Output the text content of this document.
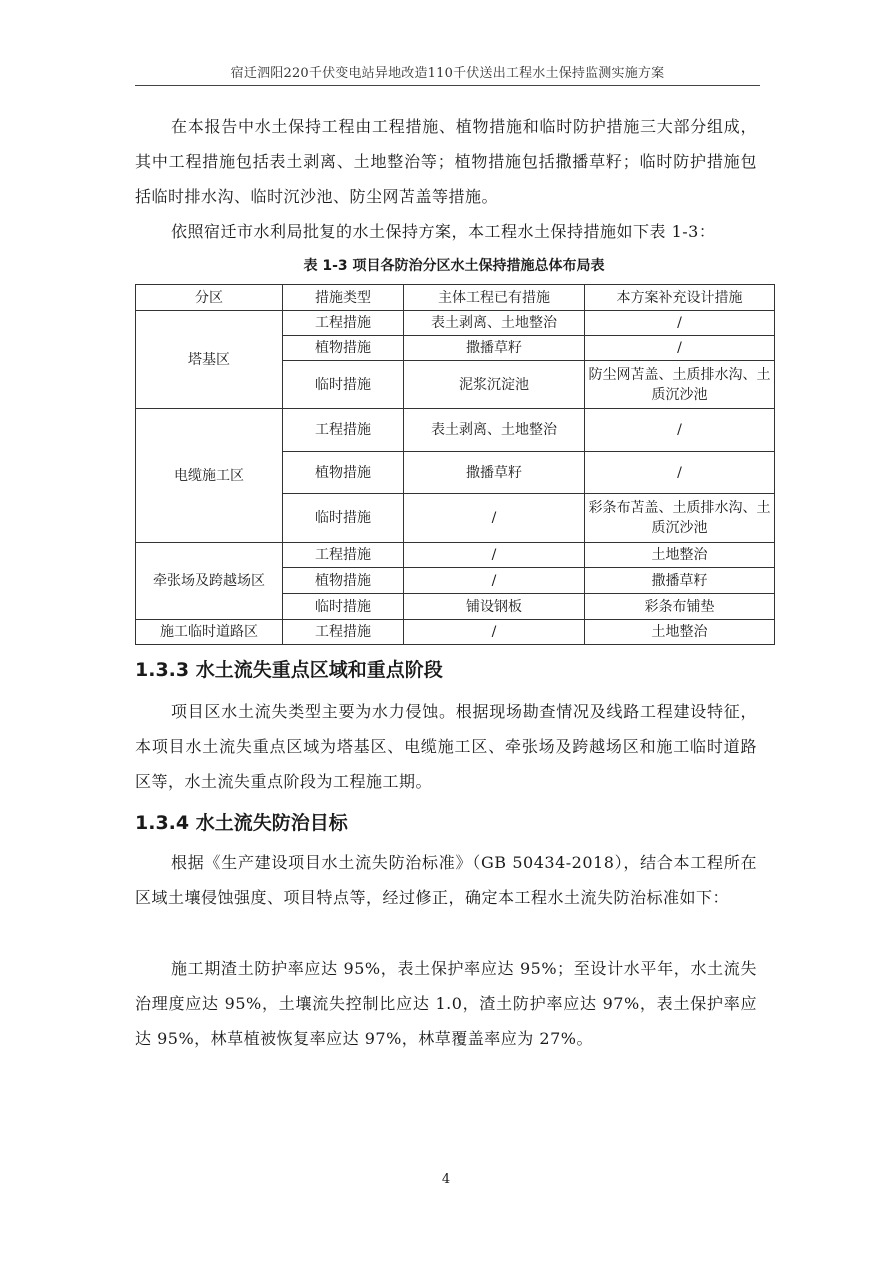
宿迁泗阳220千伏变电站异地改造110千伏送出工程水土保持监测实施方案

在本报告中水土保持工程由工程措施、植物措施和临时防护措施三大部分组成，其中工程措施包括表土剥离、土地整治等；植物措施包括撒播草籽；临时防护措施包括临时排水沟、临时沉沙池、防尘网苫盖等措施。

依照宿迁市水利局批复的水土保持方案，本工程水土保持措施如下表 1-3：

表 1-3 项目各防治分区水土保持措施总体布局表
分区	措施类型	主体工程已有措施	本方案补充设计措施
塔基区	工程措施	表土剥离、土地整治	/
	植物措施	撒播草籽	/
	临时措施	泥浆沉淀池	防尘网苫盖、土质排水沟、土质沉沙池
电缆施工区	工程措施	表土剥离、土地整治	/
	植物措施	撒播草籽	/
	临时措施	/	彩条布苫盖、土质排水沟、土质沉沙池
牵张场及跨越场区	工程措施	/	土地整治
	植物措施	/	撒播草籽
	临时措施	铺设钢板	彩条布铺垫
施工临时道路区	工程措施	/	土地整治
1.3.3 水土流失重点区域和重点阶段

项目区水土流失类型主要为水力侵蚀。根据现场勘查情况及线路工程建设特征，本项目水土流失重点区域为塔基区、电缆施工区、牵张场及跨越场区和施工临时道路区等，水土流失重点阶段为工程施工期。

1.3.4 水土流失防治目标

根据《生产建设项目水土流失防治标准》（GB 50434-2018），结合本工程所在区域土壤侵蚀强度、项目特点等，经过修正，确定本工程水土流失防治标准如下：

施工期渣土防护率应达 95%，表土保护率应达 95%；至设计水平年，水土流失治理度应达 95%，土壤流失控制比应达 1.0，渣土防护率应达 97%，表土保护率应达 95%，林草植被恢复率应达 97%，林草覆盖率应为 27%。

4
